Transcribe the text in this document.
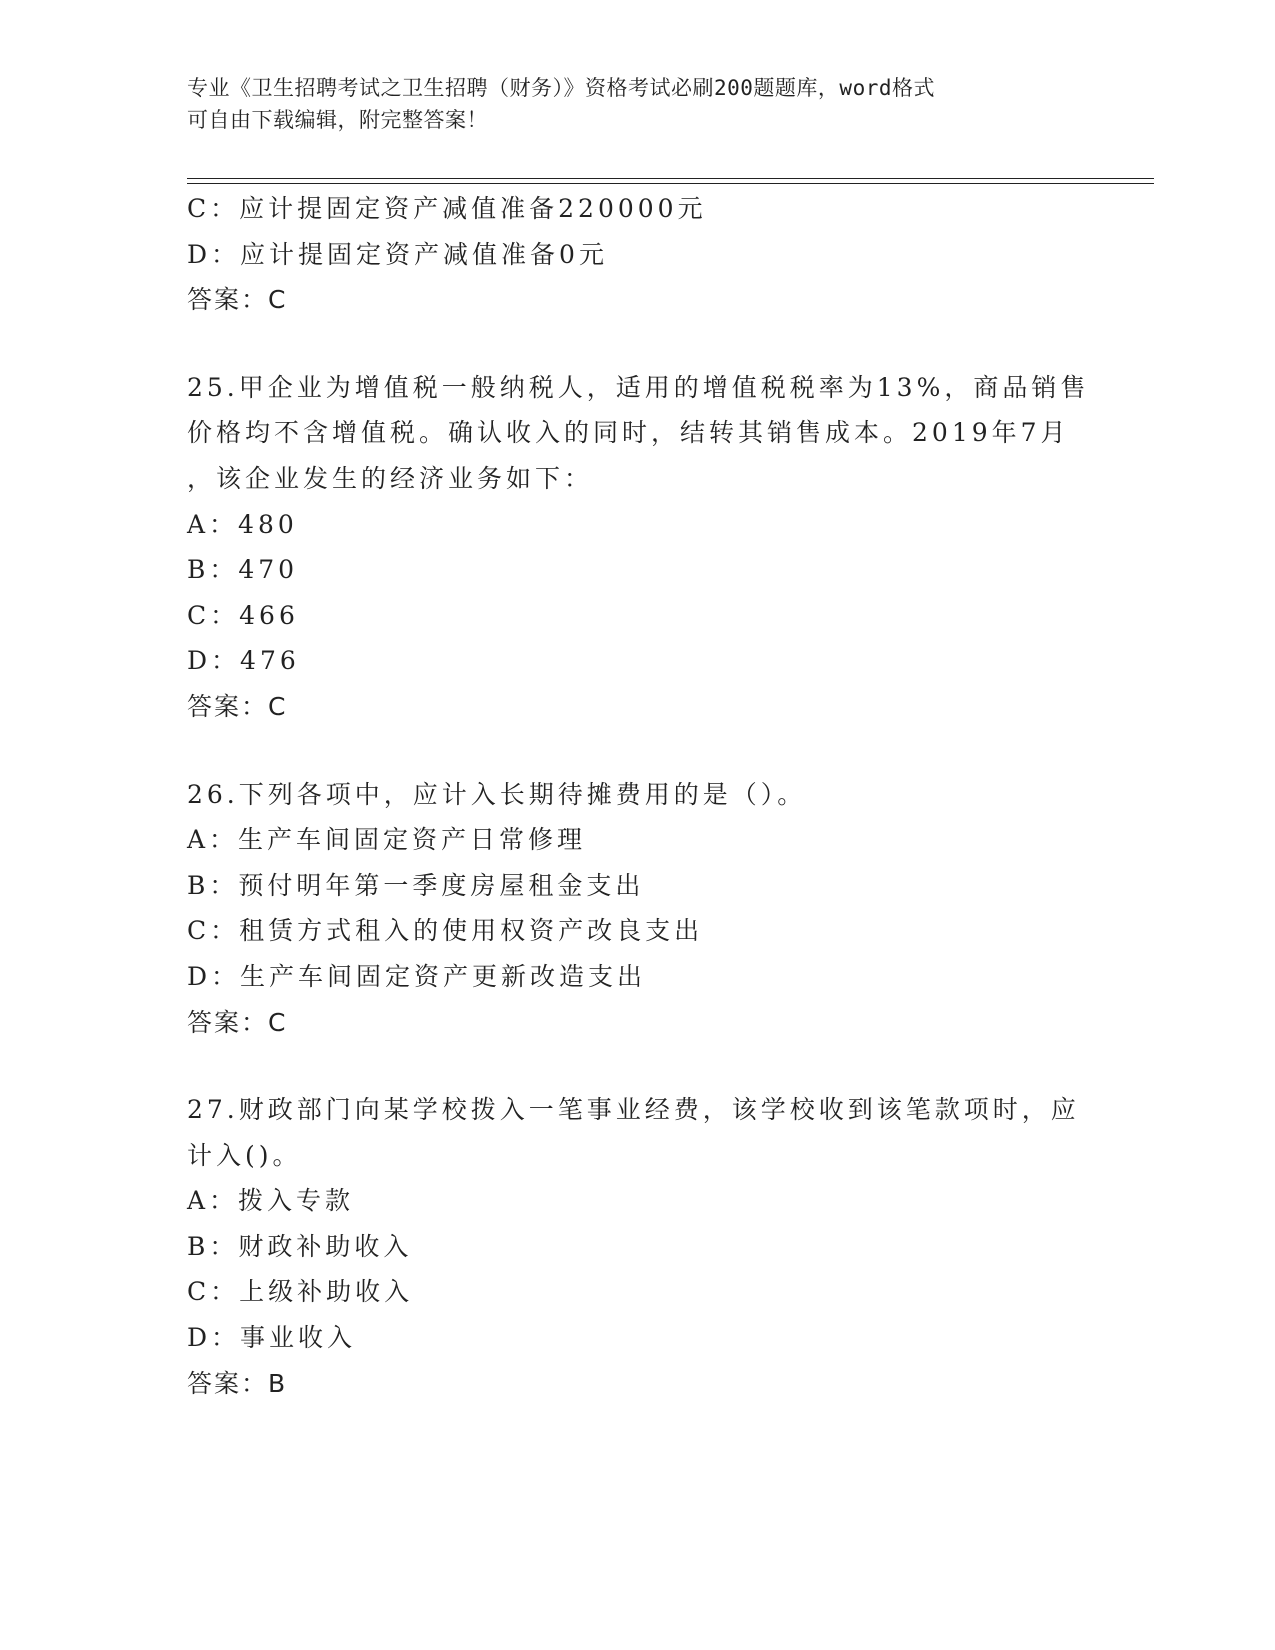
专业《卫生招聘考试之卫生招聘（财务）》资格考试必刷200题题库，word格式
可自由下载编辑，附完整答案！
C：应计提固定资产减值准备220000元
D：应计提固定资产减值准备0元
答案：C
25.甲企业为增值税一般纳税人，适用的增值税税率为13%，商品销售
价格均不含增值税。确认收入的同时，结转其销售成本。2019年7月
，该企业发生的经济业务如下：
A：480
B：470
C：466
D：476
答案：C
26.下列各项中，应计入长期待摊费用的是（）。
A：生产车间固定资产日常修理
B：预付明年第一季度房屋租金支出
C：租赁方式租入的使用权资产改良支出
D：生产车间固定资产更新改造支出
答案：C
27.财政部门向某学校拨入一笔事业经费，该学校收到该笔款项时，应
计入()。
A：拨入专款
B：财政补助收入
C：上级补助收入
D：事业收入
答案：B
